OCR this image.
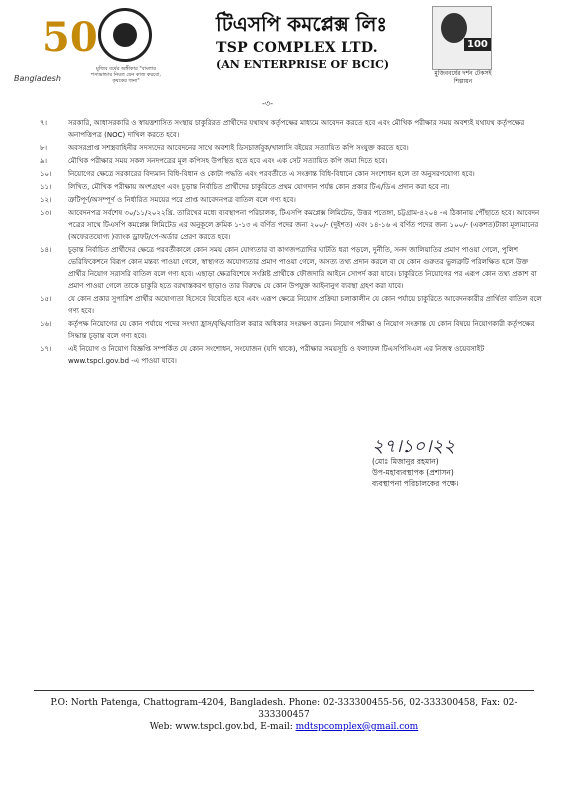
50
Bangladesh
মুজিব বর্ষের অঙ্গীকার "বাংলার শস্যভান্ডার নিয়ত যেন কাজ করবো, কৃষকের জন্য"
টিএসপি কমপ্লেক্স লিঃ
TSP COMPLEX LTD.
(AN ENTERPRISE OF BCIC)
100
মুজিববর্ষের দর্শন টেকসই শিল্পায়ন
-৩-
৭।	সরকারি, আধাসরকারি ও স্বায়ত্তশাসিত সংস্থায় চাকুরিরত প্রার্থীদের যথাযথ কর্তৃপক্ষের মাধ্যমে আবেদন করতে হবে এবং মৌখিক পরীক্ষার সময় অবশ্যই যথাযথ কর্তৃপক্ষের অনাপত্তিপত্র (NOC) দাখিল করতে হবে।
৮।	অবসরপ্রাপ্ত সশস্ত্রবাহিনীর সদস্যদের আবেদনের সাথে অবশ্যই ডিসচার্জবুক/খালাসি বইয়ের সত্যায়িত কপি সংযুক্ত করতে হবে।
৯।	মৌখিক পরীক্ষার সময় সকল সনদপত্রের মূল কপিসহ উপস্থিত হতে হবে এবং এক সেট সত্যায়িত কপি জমা দিতে হবে।
১০।	নিয়োগের ক্ষেত্রে সরকারের বিদ্যমান বিধি-বিধান ও কোটা পদ্ধতি এবং পরবর্তীতে এ সংক্রান্ত বিধি-বিধানে কোন সংশোধন হলে তা অনুসরণযোগ্য হবে।
১১।	লিখিত, মৌখিক পরীক্ষায় অংশগ্রহণ এবং চূড়ান্ত নির্বাচিত প্রার্থীদের চাকুরিতে প্রথম যোগদান পর্যন্ত কোন প্রকার টিএ/ডিএ প্রদান করা হবে না।
১২।	ত্রুটিপূর্ণ/অসম্পূর্ণ ও নির্ধারিত সময়ের পরে প্রাপ্ত আবেদনপত্র বাতিল বলে গণ্য হবে।
১৩।	আবেদনপত্র সর্বশেষ ৩০/১১/২০২২খ্রি. তারিখের মধ্যে ব্যবস্থাপনা পরিচালক, টিএসপি কমপ্লেক্স লিমিটেড, উত্তর পতেঙ্গা, চট্টগ্রাম-৪২০৪ -এ ঠিকানায় পৌঁছাতে হবে। আবেদন পত্রের সাথে টিএসপি কমপ্লেক্স লিমিটেড এর অনুকূলে ক্রমিক ১-১৩ এ বর্ণিত পদের জন্য ২০০/- (দুইশত) এবং ১৪-১৬ এ বর্ণিত পদের জন্য ১০০/- (একশত)টাকা মূল্যমানের (অফেরতযোগ্য )ব্যাংক ড্রাফট/পে-অর্ডার প্রেরণ করতে হবে।
১৪।	চূড়ান্ত নির্বাচিত প্রার্থীদের ক্ষেত্রে পরবর্তীকালে কোন সময় কোন যোগ্যতার বা কাগজপত্রাদির ঘাটতি ধরা পড়লে, দুর্নীতি, সনদ জালিয়াতির প্রমাণ পাওয়া গেলে, পুলিশ ভেরিফিকেশনে বিরূপ কোন মন্তব্য পাওয়া গেলে, স্বাস্থ্যগত অযোগ্যতার প্রমাণ পাওয়া গেলে, অসত্য তথ্য প্রদান করলে বা যে কোন গুরুতর ভুলত্রুটি পরিলক্ষিত হলে উক্ত প্রার্থীর নিয়োগ সরাসরি বাতিল বলে গণ্য হবে। এছাড়া ক্ষেত্রবিশেষে সংশ্লিষ্ট প্রার্থীকে ফৌজদারি আইনে সোপর্দ করা যাবে। চাকুরিতে নিয়োগের পর এরূপ কোন তথ্য প্রকাশ বা প্রমাণ পাওয়া গেলে তাকে চাকুরি হতে বরখাস্তকরণ ছাড়াও তার বিরুদ্ধে যে কোন উপযুক্ত আইনানুগ ব্যবস্থা গ্রহণ করা যাবে।
১৫।	যে কোন প্রকার সুপারিশ প্রার্থীর অযোগ্যতা হিসেবে বিবেচিত হবে এবং এরূপ ক্ষেত্রে নিয়োগ প্রক্রিয়া চলাকালীন যে কোন পর্যায়ে চাকুরিতে আবেদনকারীর প্রার্থিতা বাতিল বলে গণ্য হবে।
১৬।	কর্তৃপক্ষ নিয়োগের যে কোন পর্যায়ে পদের সংখ্যা হ্রাস/বৃদ্ধি/বাতিল করার অধিকার সংরক্ষণ করেন। নিয়োগ পরীক্ষা ও নিয়োগ সংক্রান্ত যে কোন বিষয়ে নিয়োগকারী কর্তৃপক্ষের সিদ্ধান্ত চূড়ান্ত বলে গণ্য হবে।
১৭।	এই নিয়োগ ও নিয়োগ বিজ্ঞপ্তি সম্পর্কিত যে কোন সংশোধন, সংযোজন (যদি থাকে), পরীক্ষার সময়সূচি ও ফলাফল টিএসপিসিএল এর নিজস্ব ওয়েবসাইট www.tspcl.gov.bd -এ পাওয়া যাবে।
২৭।১০।২২
(মোঃ মিজানুর রহমান)
উপ-মহাব্যবস্থাপক (প্রশাসন)
ব্যবস্থাপনা পরিচালকের পক্ষে।
P.O: North Patenga, Chattogram-4204, Bangladesh. Phone: 02-333300455-56, 02-333300458, Fax: 02-333300457
Web: www.tspcl.gov.bd, E-mail: mdtspcomplex@gmail.com
